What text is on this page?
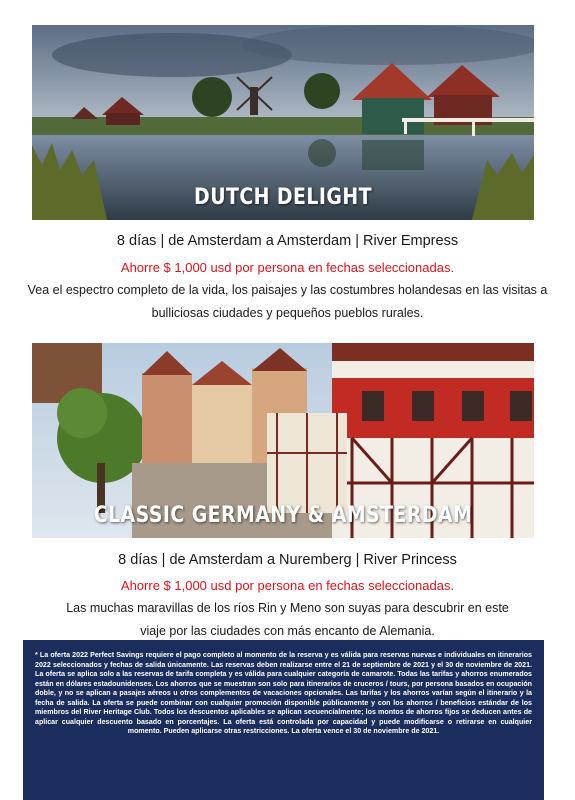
DUTCH DELIGHT
8 días | de Amsterdam a Amsterdam | River Empress
Ahorre $ 1,000 usd por persona en fechas seleccionadas.
Vea el espectro completo de la vida, los paisajes y las costumbres holandesas en las visitas a
bulliciosas ciudades y pequeños pueblos rurales.
CLASSIC GERMANY & AMSTERDAM
8 días | de Amsterdam a Nuremberg | River Princess
Ahorre $ 1,000 usd por persona en fechas seleccionadas.
Las muchas maravillas de los ríos Rin y Meno son suyas para descubrir en este
viaje por las ciudades con más encanto de Alemania.

* La oferta 2022 Perfect Savings requiere el pago completo al momento de la reserva y es válida para reservas nuevas e individuales en itinerarios 2022 seleccionados y fechas de salida únicamente. Las reservas deben realizarse entre el 21 de septiembre de 2021 y el 30 de noviembre de 2021. La oferta se aplica solo a las reservas de tarifa completa y es válida para cualquier categoría de camarote. Todas las tarifas y ahorros enumerados están en dólares estadounidenses. Los ahorros que se muestran son solo para itinerarios de cruceros / tours, por persona basados en ocupación doble, y no se aplican a pasajes aéreos u otros complementos de vacaciones opcionales. Las tarifas y los ahorros varían según el itinerario y la fecha de salida. La oferta se puede combinar con cualquier promoción disponible públicamente y con los ahorros / beneficios estándar de los miembros del River Heritage Club. Todos los descuentos aplicables se aplican secuencialmente; los montos de ahorros fijos se deducen antes de aplicar cualquier descuento basado en porcentajes. La oferta está controlada por capacidad y puede modificarse o retirarse en cualquier momento. Pueden aplicarse otras restricciones. La oferta vence el 30 de noviembre de 2021.
